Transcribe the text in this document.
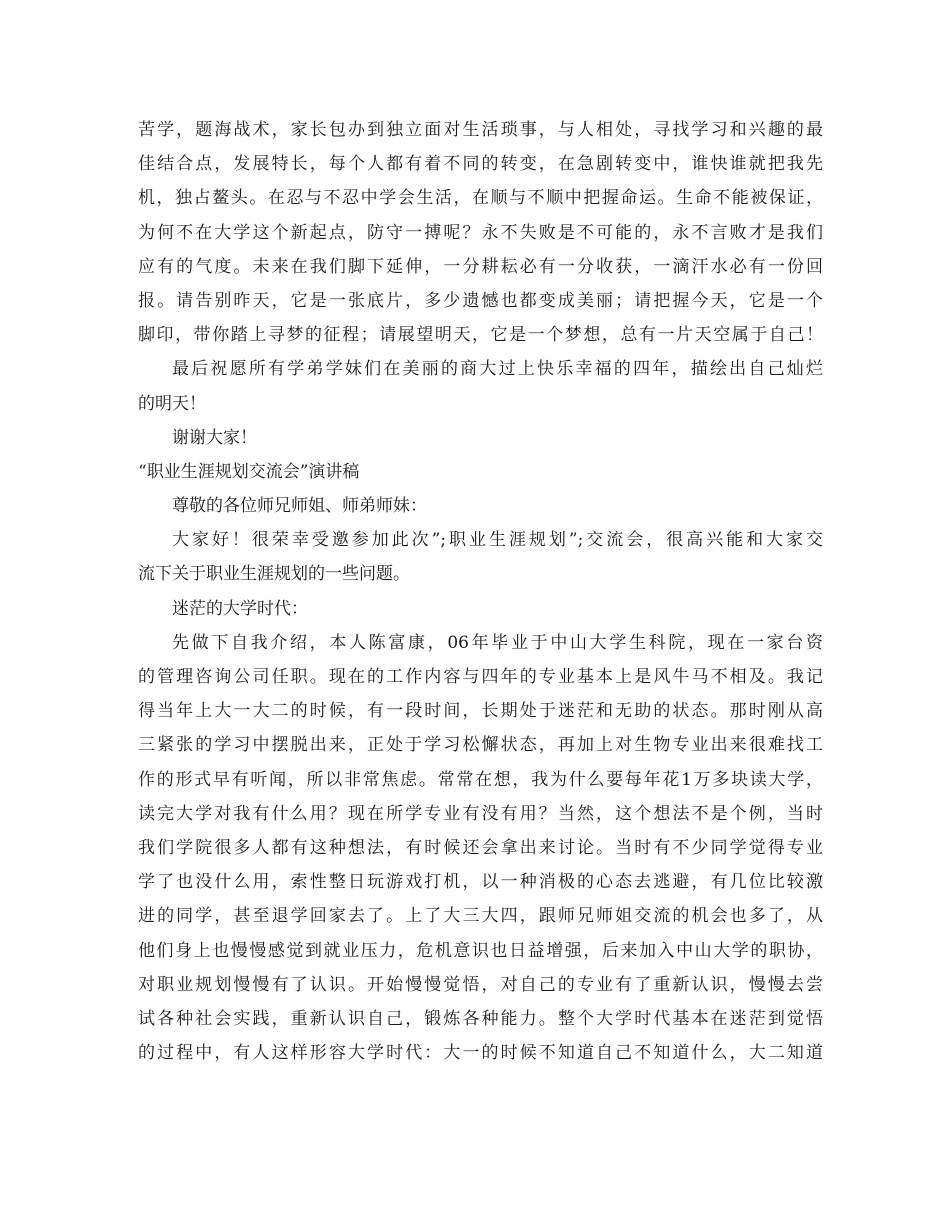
苦学，题海战术，家长包办到独立面对生活琐事，与人相处，寻找学习和兴趣的最
佳结合点，发展特长，每个人都有着不同的转变，在急剧转变中，谁快谁就把我先
机，独占鳌头。在忍与不忍中学会生活，在顺与不顺中把握命运。生命不能被保证，
为何不在大学这个新起点，防守一搏呢？永不失败是不可能的，永不言败才是我们
应有的气度。未来在我们脚下延伸，一分耕耘必有一分收获，一滴汗水必有一份回
报。请告别昨天，它是一张底片，多少遗憾也都变成美丽；请把握今天，它是一个
脚印，带你踏上寻梦的征程；请展望明天，它是一个梦想，总有一片天空属于自己！
最后祝愿所有学弟学妹们在美丽的商大过上快乐幸福的四年，描绘出自己灿烂
的明天！
谢谢大家！
“职业生涯规划交流会”演讲稿
尊敬的各位师兄师姐、师弟师妹：
大家好！很荣幸受邀参加此次”;职业生涯规划”;交流会，很高兴能和大家交
流下关于职业生涯规划的一些问题。
迷茫的大学时代：
先做下自我介绍，本人陈富康，06年毕业于中山大学生科院，现在一家台资
的管理咨询公司任职。现在的工作内容与四年的专业基本上是风牛马不相及。我记
得当年上大一大二的时候，有一段时间，长期处于迷茫和无助的状态。那时刚从高
三紧张的学习中摆脱出来，正处于学习松懈状态，再加上对生物专业出来很难找工
作的形式早有听闻，所以非常焦虑。常常在想，我为什么要每年花1万多块读大学，
读完大学对我有什么用？现在所学专业有没有用？当然，这个想法不是个例，当时
我们学院很多人都有这种想法，有时候还会拿出来讨论。当时有不少同学觉得专业
学了也没什么用，索性整日玩游戏打机，以一种消极的心态去逃避，有几位比较激
进的同学，甚至退学回家去了。上了大三大四，跟师兄师姐交流的机会也多了，从
他们身上也慢慢感觉到就业压力，危机意识也日益增强，后来加入中山大学的职协，
对职业规划慢慢有了认识。开始慢慢觉悟，对自己的专业有了重新认识，慢慢去尝
试各种社会实践，重新认识自己，锻炼各种能力。整个大学时代基本在迷茫到觉悟
的过程中，有人这样形容大学时代：大一的时候不知道自己不知道什么，大二知道
